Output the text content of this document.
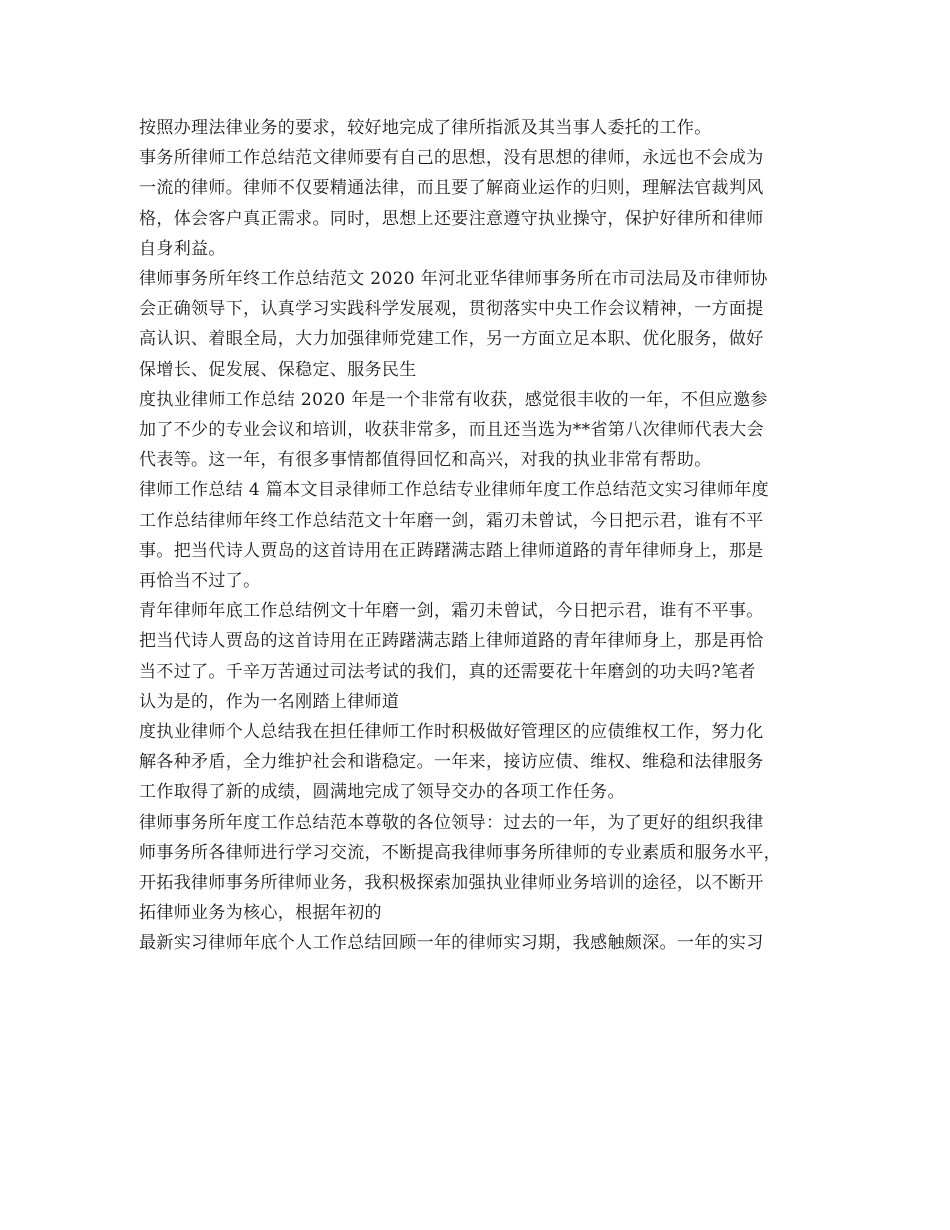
按照办理法律业务的要求，较好地完成了律所指派及其当事人委托的工作。

事务所律师工作总结范文律师要有自己的思想，没有思想的律师，永远也不会成为
一流的律师。律师不仅要精通法律，而且要了解商业运作的归则，理解法官裁判风
格，体会客户真正需求。同时，思想上还要注意遵守执业操守，保护好律所和律师
自身利益。

律师事务所年终工作总结范文 2020 年河北亚华律师事务所在市司法局及市律师协
会正确领导下，认真学习实践科学发展观，贯彻落实中央工作会议精神，一方面提
高认识、着眼全局，大力加强律师党建工作，另一方面立足本职、优化服务，做好
保增长、促发展、保稳定、服务民生

度执业律师工作总结 2020 年是一个非常有收获，感觉很丰收的一年，不但应邀参
加了不少的专业会议和培训，收获非常多，而且还当选为**省第八次律师代表大会
代表等。这一年，有很多事情都值得回忆和高兴，对我的执业非常有帮助。

律师工作总结 4 篇本文目录律师工作总结专业律师年度工作总结范文实习律师年度
工作总结律师年终工作总结范文十年磨一剑，霜刃未曾试，今日把示君，谁有不平
事。把当代诗人贾岛的这首诗用在正踌躇满志踏上律师道路的青年律师身上，那是
再恰当不过了。

青年律师年底工作总结例文十年磨一剑，霜刃未曾试，今日把示君，谁有不平事。
把当代诗人贾岛的这首诗用在正踌躇满志踏上律师道路的青年律师身上，那是再恰
当不过了。千辛万苦通过司法考试的我们，真的还需要花十年磨剑的功夫吗?笔者
认为是的，作为一名刚踏上律师道

度执业律师个人总结我在担任律师工作时积极做好管理区的应债维权工作，努力化
解各种矛盾，全力维护社会和谐稳定。一年来，接访应债、维权、维稳和法律服务
工作取得了新的成绩，圆满地完成了领导交办的各项工作任务。

律师事务所年度工作总结范本尊敬的各位领导：过去的一年，为了更好的组织我律
师事务所各律师进行学习交流，不断提高我律师事务所律师的专业素质和服务水平，
开拓我律师事务所律师业务，我积极探索加强执业律师业务培训的途径，以不断开
拓律师业务为核心，根据年初的

最新实习律师年底个人工作总结回顾一年的律师实习期，我感触颇深。一年的实习
